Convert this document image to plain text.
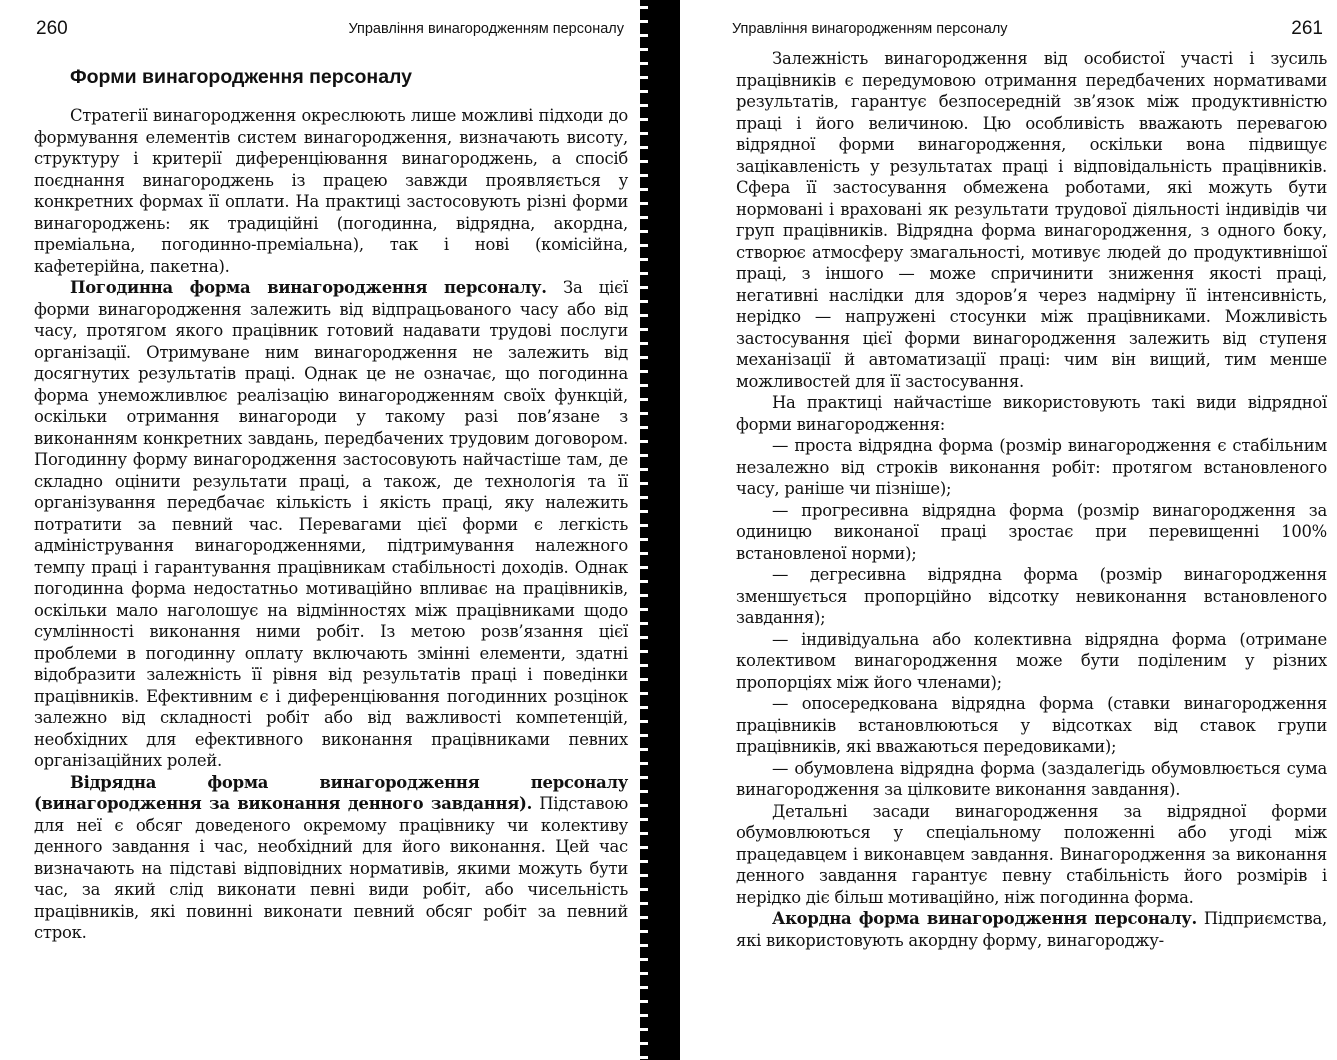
260	Управління винагородженням персоналу
Форми винагородження персоналу

Стратегії винагородження окреслюють лише можливі підходи до формування елементів систем винагородження, визначають висоту, структуру і критерії диференціювання винагороджень, а спосіб поєднання винагороджень із працею завжди проявляється у конкретних формах її оплати. На практиці застосовують різні форми винагороджень: як традиційні (погодинна, відрядна, акордна, преміальна, погодинно-преміальна), так і нові (комісійна, кафетерійна, пакетна).

Погодинна форма винагородження персоналу. За цієї форми винагородження залежить від відпрацьованого часу або від часу, протягом якого працівник готовий надавати трудові послуги організації. Отримуване ним винагородження не залежить від досягнутих результатів праці. Однак це не означає, що погодинна форма унеможливлює реалізацію винагородженням своїх функцій, оскільки отримання винагороди у такому разі пов’язане з виконанням конкретних завдань, передбачених трудовим договором. Погодинну форму винагородження застосовують найчастіше там, де складно оцінити результати праці, а також, де технологія та її організування передбачає кількість і якість праці, яку належить потратити за певний час. Перевагами цієї форми є легкість адміністрування винагородженнями, підтримування належного темпу праці і гарантування працівникам стабільності доходів. Однак погодинна форма недостатньо мотиваційно впливає на працівників, оскільки мало наголошує на відмінностях між працівниками щодо сумлінності виконання ними робіт. Із метою розв’язання цієї проблеми в погодинну оплату включають змінні елементи, здатні відобразити залежність її рівня від результатів праці і поведінки працівників. Ефективним є і диференціювання погодинних розцінок залежно від складності робіт або від важливості компетенцій, необхідних для ефективного виконання працівниками певних організаційних ролей.

Відрядна форма винагородження персоналу (винагородження за виконання денного завдання). Підставою для неї є обсяг доведеного окремому працівнику чи колективу денного завдання і час, необхідний для його виконання. Цей час визначають на підставі відповідних нормативів, якими можуть бути час, за який слід виконати певні види робіт, або чисельність працівників, які повинні виконати певний обсяг робіт за певний строк.

Управління винагородженням персоналу	261

Залежність винагородження від особистої участі і зусиль працівників є передумовою отримання передбачених нормативами результатів, гарантує безпосередній зв’язок між продуктивністю праці і його величиною. Цю особливість вважають перевагою відрядної форми винагородження, оскільки вона підвищує зацікавленість у результатах праці і відповідальність працівників. Сфера її застосування обмежена роботами, які можуть бути нормовані і враховані як результати трудової діяльності індивідів чи груп працівників. Відрядна форма винагородження, з одного боку, створює атмосферу змагальності, мотивує людей до продуктивнішої праці, з іншого — може спричинити зниження якості праці, негативні наслідки для здоров’я через надмірну її інтенсивність, нерідко — напружені стосунки між працівниками. Можливість застосування цієї форми винагородження залежить від ступеня механізації й автоматизації праці: чим він вищий, тим менше можливостей для її застосування.

На практиці найчастіше використовують такі види відрядної форми винагородження:

— проста відрядна форма (розмір винагородження є стабільним незалежно від строків виконання робіт: протягом встановленого часу, раніше чи пізніше);

— прогресивна відрядна форма (розмір винагородження за одиницю виконаної праці зростає при перевищенні 100% встановленої норми);

— дегресивна відрядна форма (розмір винагородження зменшується пропорційно відсотку невиконання встановленого завдання);

— індивідуальна або колективна відрядна форма (отримане колективом винагородження може бути поділеним у різних пропорціях між його членами);

— опосередкована відрядна форма (ставки винагородження працівників встановлюються у відсотках від ставок групи працівників, які вважаються передовиками);

— обумовлена відрядна форма (заздалегідь обумовлюється сума винагородження за цілковите виконання завдання).

Детальні засади винагородження за відрядної форми обумовлюються у спеціальному положенні або угоді між працедавцем і виконавцем завдання. Винагородження за виконання денного завдання гарантує певну стабільність його розмірів і нерідко діє більш мотиваційно, ніж погодинна форма.

Акордна форма винагородження персоналу. Підприємства, які використовують акордну форму, винагороджу-
